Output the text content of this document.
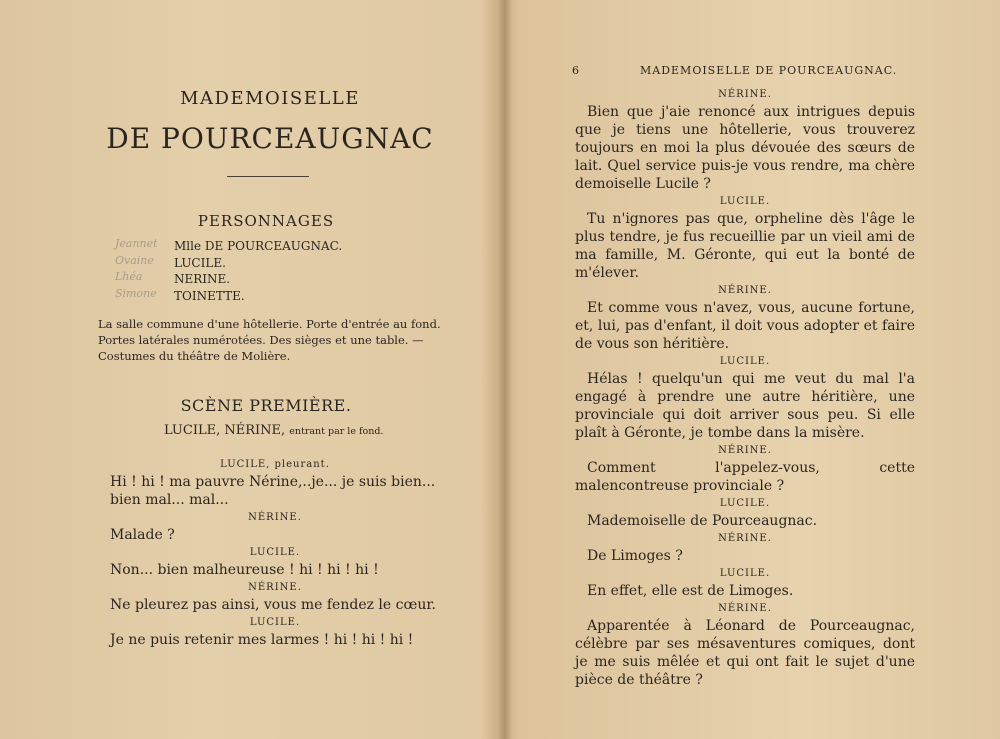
MADEMOISELLE
DE POURCEAUGNAC
PERSONNAGES
Jeannet
Ovaine
Lhéa
Simone
Mlle DE POURCEAUGNAC.
LUCILE.
NERINE.
TOINETTE.
La salle commune d'une hôtellerie. Porte d'entrée au fond. Portes latérales numérotées. Des sièges et une table. — Costumes du théâtre de Molière.
SCÈNE PREMIÈRE.
LUCILE, NÉRINE, entrant par le fond.

LUCILE, pleurant.

Hi ! hi ! ma pauvre Nérine,..je... je suis bien... bien mal... mal...

NÉRINE.

Malade ?

LUCILE.

Non... bien malheureuse ! hi ! hi ! hi !

NÉRINE.

Ne pleurez pas ainsi, vous me fendez le cœur.

LUCILE.

Je ne puis retenir mes larmes ! hi ! hi ! hi !

6	MADEMOISELLE DE POURCEAUGNAC.

NÉRINE.

Bien que j'aie renoncé aux intrigues depuis que je tiens une hôtellerie, vous trouverez toujours en moi la plus dévouée des sœurs de lait. Quel service puis-je vous rendre, ma chère demoiselle Lucile ?

LUCILE.

Tu n'ignores pas que, orpheline dès l'âge le plus tendre, je fus recueillie par un vieil ami de ma famille, M. Géronte, qui eut la bonté de m'élever.

NÉRINE.

Et comme vous n'avez, vous, aucune fortune, et, lui, pas d'enfant, il doit vous adopter et faire de vous son héritière.

LUCILE.

Hélas ! quelqu'un qui me veut du mal l'a engagé à prendre une autre héritière, une provinciale qui doit arriver sous peu. Si elle plaît à Géronte, je tombe dans la misère.

NÉRINE.

Comment l'appelez-vous, cette malencontreuse provinciale ?

LUCILE.

Mademoiselle de Pourceaugnac.

NÉRINE.

De Limoges ?

LUCILE.

En effet, elle est de Limoges.

NÉRINE.

Apparentée à Léonard de Pourceaugnac, célèbre par ses mésaventures comiques, dont je me suis mêlée et qui ont fait le sujet d'une pièce de théâtre ?
